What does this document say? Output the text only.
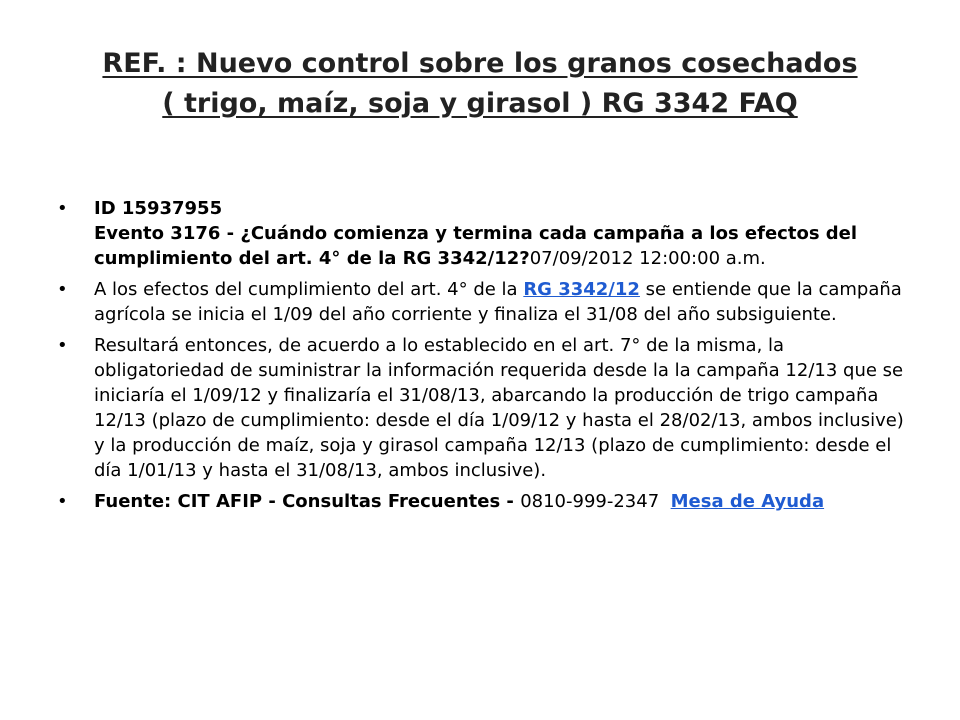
REF. : Nuevo control sobre los granos cosechados
( trigo, maíz, soja y girasol ) RG 3342 FAQ
• ID 15937955
Evento 3176 - ¿Cuándo comienza y termina cada campaña a los efectos del cumplimiento del art. 4° de la RG 3342/12?07/09/2012 12:00:00 a.m.
• A los efectos del cumplimiento del art. 4° de la RG 3342/12 se entiende que la campaña agrícola se inicia el 1/09 del año corriente y finaliza el 31/08 del año subsiguiente.
• Resultará entonces, de acuerdo a lo establecido en el art. 7° de la misma, la obligatoriedad de suministrar la información requerida desde la la campaña 12/13 que se iniciaría el 1/09/12 y finalizaría el 31/08/13, abarcando la producción de trigo campaña 12/13 (plazo de cumplimiento: desde el día 1/09/12 y hasta el 28/02/13, ambos inclusive) y la producción de maíz, soja y girasol campaña 12/13 (plazo de cumplimiento: desde el día 1/01/13 y hasta el 31/08/13, ambos inclusive).
• Fuente: CIT AFIP - Consultas Frecuentes - 0810-999-2347  Mesa de Ayuda
